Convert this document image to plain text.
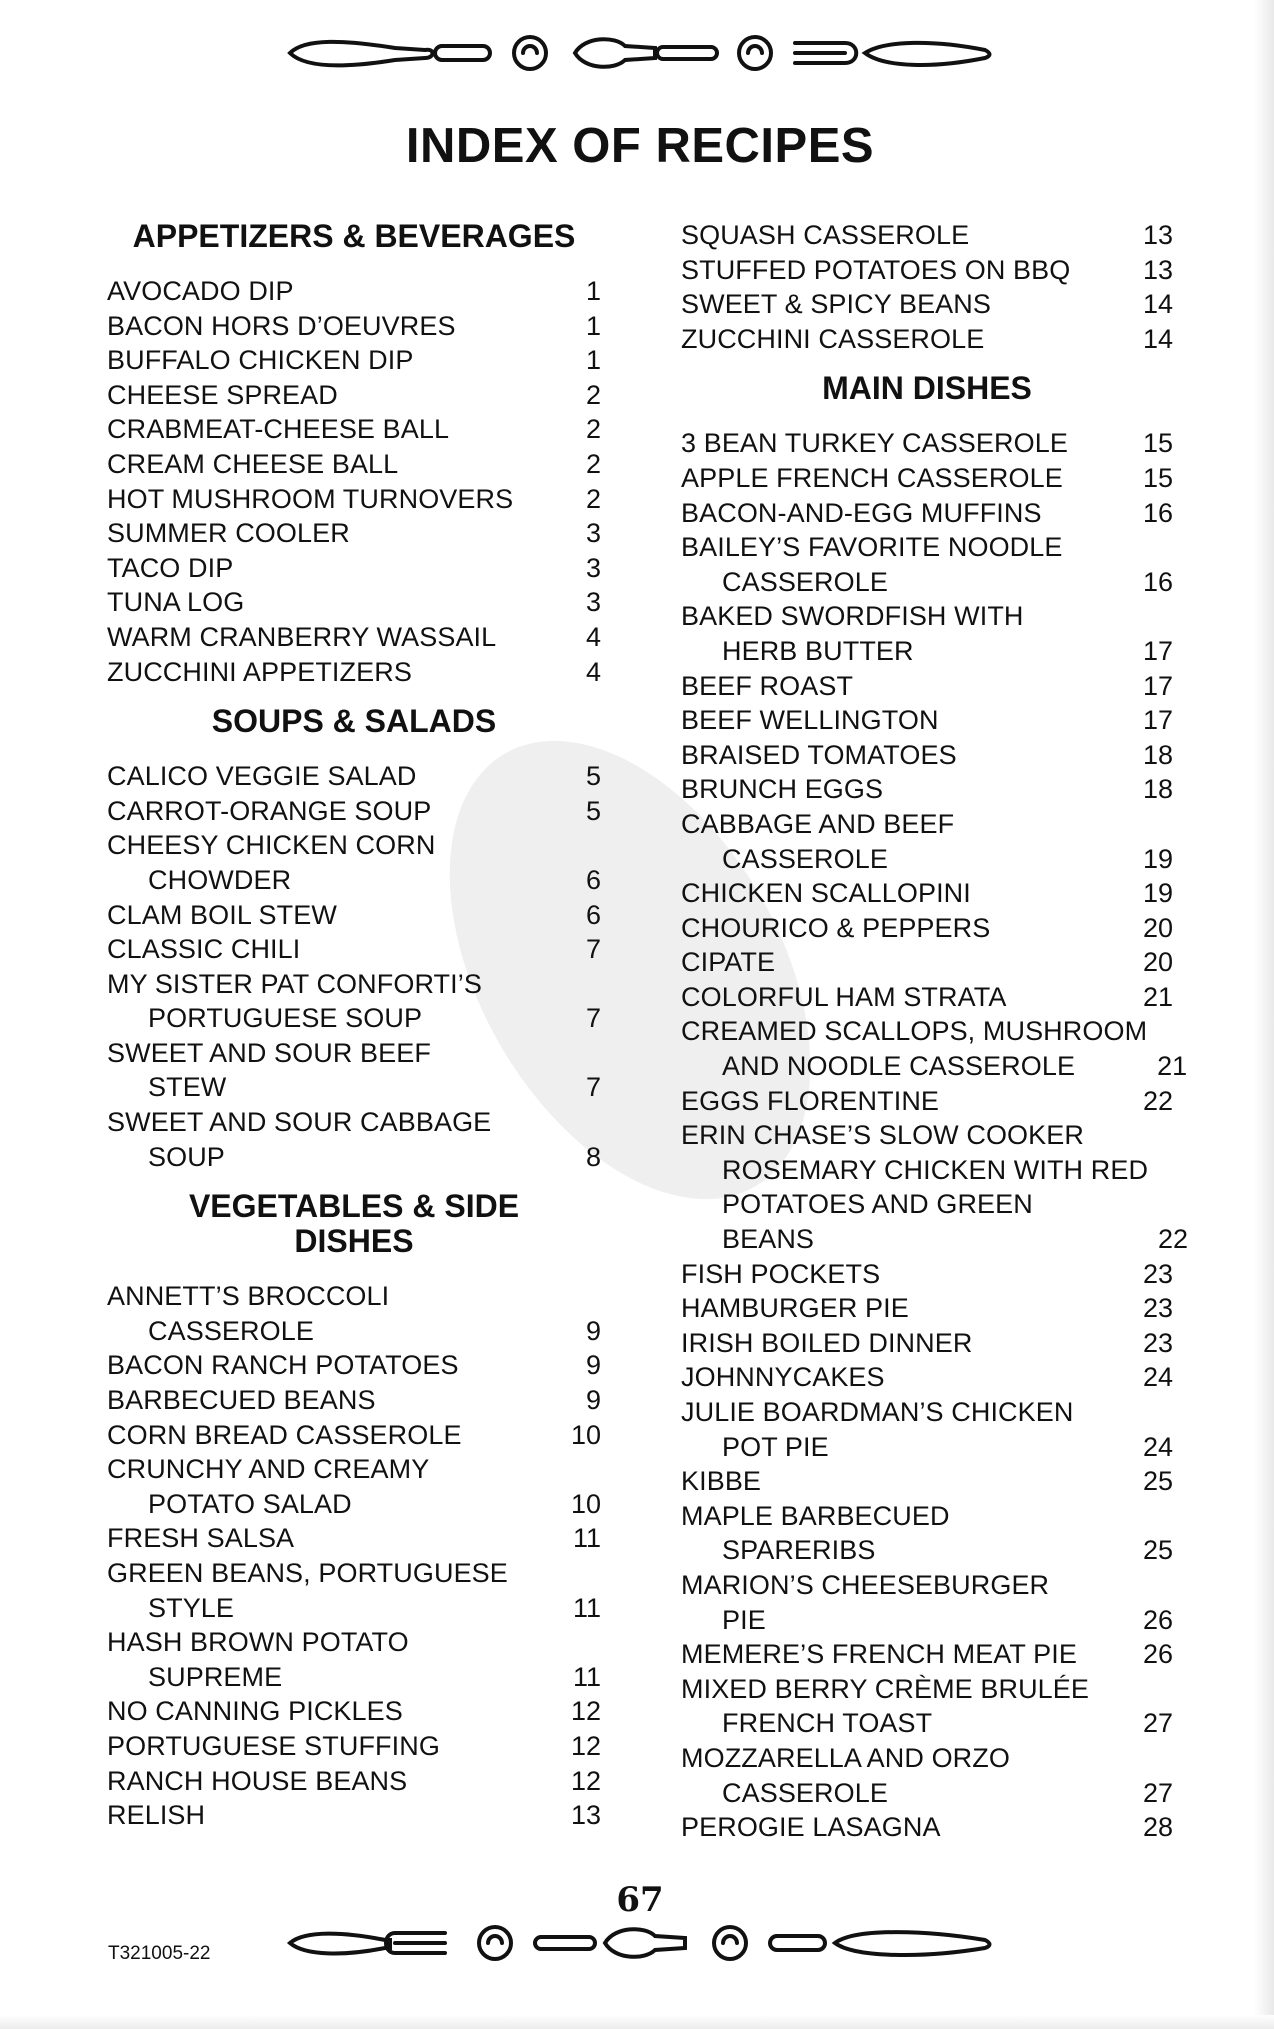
INDEX OF RECIPES
APPETIZERS & BEVERAGES
AVOCADO DIP	1
BACON HORS D’OEUVRES	1
BUFFALO CHICKEN DIP	1
CHEESE SPREAD	2
CRABMEAT-CHEESE BALL	2
CREAM CHEESE BALL	2
HOT MUSHROOM TURNOVERS	2
SUMMER COOLER	3
TACO DIP	3
TUNA LOG	3
WARM CRANBERRY WASSAIL	4
ZUCCHINI APPETIZERS	4
SOUPS & SALADS
CALICO VEGGIE SALAD	5
CARROT-ORANGE SOUP	5
CHEESY CHICKEN CORN
CHOWDER	6
CLAM BOIL STEW	6
CLASSIC CHILI	7
MY SISTER PAT CONFORTI’S
PORTUGUESE SOUP	7
SWEET AND SOUR BEEF
STEW	7
SWEET AND SOUR CABBAGE
SOUP	8
VEGETABLES & SIDE
DISHES
ANNETT’S BROCCOLI
CASSEROLE	9
BACON RANCH POTATOES	9
BARBECUED BEANS	9
CORN BREAD CASSEROLE	10
CRUNCHY AND CREAMY
POTATO SALAD	10
FRESH SALSA	11
GREEN BEANS, PORTUGUESE
STYLE	11
HASH BROWN POTATO
SUPREME	11
NO CANNING PICKLES	12
PORTUGUESE STUFFING	12
RANCH HOUSE BEANS	12
RELISH	13
SQUASH CASSEROLE	13
STUFFED POTATOES ON BBQ	13
SWEET & SPICY BEANS	14
ZUCCHINI CASSEROLE	14
MAIN DISHES
3 BEAN TURKEY CASSEROLE	15
APPLE FRENCH CASSEROLE	15
BACON-AND-EGG MUFFINS	16
BAILEY’S FAVORITE NOODLE
CASSEROLE	16
BAKED SWORDFISH WITH
HERB BUTTER	17
BEEF ROAST	17
BEEF WELLINGTON	17
BRAISED TOMATOES	18
BRUNCH EGGS	18
CABBAGE AND BEEF
CASSEROLE	19
CHICKEN SCALLOPINI	19
CHOURICO & PEPPERS	20
CIPATE	20
COLORFUL HAM STRATA	21
CREAMED SCALLOPS, MUSHROOM
AND NOODLE CASSEROLE	21
EGGS FLORENTINE	22
ERIN CHASE’S SLOW COOKER
ROSEMARY CHICKEN WITH RED
POTATOES AND GREEN
BEANS	22
FISH POCKETS	23
HAMBURGER PIE	23
IRISH BOILED DINNER	23
JOHNNYCAKES	24
JULIE BOARDMAN’S CHICKEN
POT PIE	24
KIBBE	25
MAPLE BARBECUED
SPARERIBS	25
MARION’S CHEESEBURGER
PIE	26
MEMERE’S FRENCH MEAT PIE	26
MIXED BERRY CRÈME BRULÉE
FRENCH TOAST	27
MOZZARELLA AND ORZO
CASSEROLE	27
PEROGIE LASAGNA	28
67
T321005-22
